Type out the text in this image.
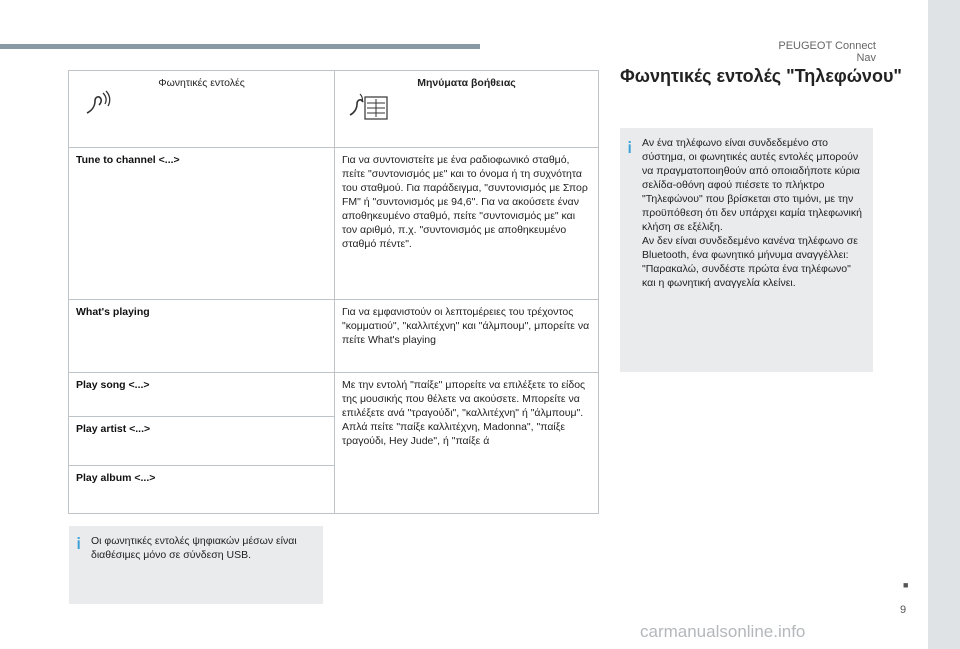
PEUGEOT Connect Nav
Φωνητικές εντολές	Μηνύματα βοήθειας

Tune to channel <...>	Για να συντονιστείτε με ένα ραδιοφωνικό σταθμό, πείτε "συντονισμός με" και το όνομα ή τη συχνότητα του σταθμού. Για παράδειγμα, "συντονισμός με Σπορ FM" ή "συντονισμός με 94,6". Για να ακούσετε έναν αποθηκευμένο σταθμό, πείτε "συντονισμός με" και τον αριθμό, π.χ. "συντονισμός με αποθηκευμένο σταθμό πέντε".
What's playing	Για να εμφανιστούν οι λεπτομέρειες του τρέχοντος "κομματιού", "καλλιτέχνη" και "άλμπουμ", μπορείτε να πείτε What's playing
Play song <...>	Με την εντολή "παίξε" μπορείτε να επιλέξετε το είδος της μουσικής που θέλετε να ακούσετε. Μπορείτε να επιλέξετε ανά "τραγούδι", "καλλιτέχνη" ή "άλμπουμ". Απλά πείτε "παίξε καλλιτέχνη, Madonna", "παίξε τραγούδι, Hey Jude", ή "παίξε ά
Play artist <...>	
Play album <...>	
Οι φωνητικές εντολές ψηφιακών μέσων είναι διαθέσιμες μόνο σε σύνδεση USB.
Φωνητικές εντολές "Τηλεφώνου"
Αν ένα τηλέφωνο είναι συνδεδεμένο στο σύστημα, οι φωνητικές αυτές εντολές μπορούν να πραγματοποιηθούν από οποιαδήποτε κύρια σελίδα-οθόνη αφού πιέσετε το πλήκτρο "Τηλεφώνου" που βρίσκεται στο τιμόνι, με την προϋπόθεση ότι δεν υπάρχει καμία τηλεφωνική κλήση σε εξέλιξη.
Αν δεν είναι συνδεδεμένο κανένα τηλέφωνο σε Bluetooth, ένα φωνητικό μήνυμα αναγγέλλει: "Παρακαλώ, συνδέστε πρώτα ένα τηλέφωνο" και η φωνητική αναγγελία κλείνει.
■
9
carmanualsonline.info
